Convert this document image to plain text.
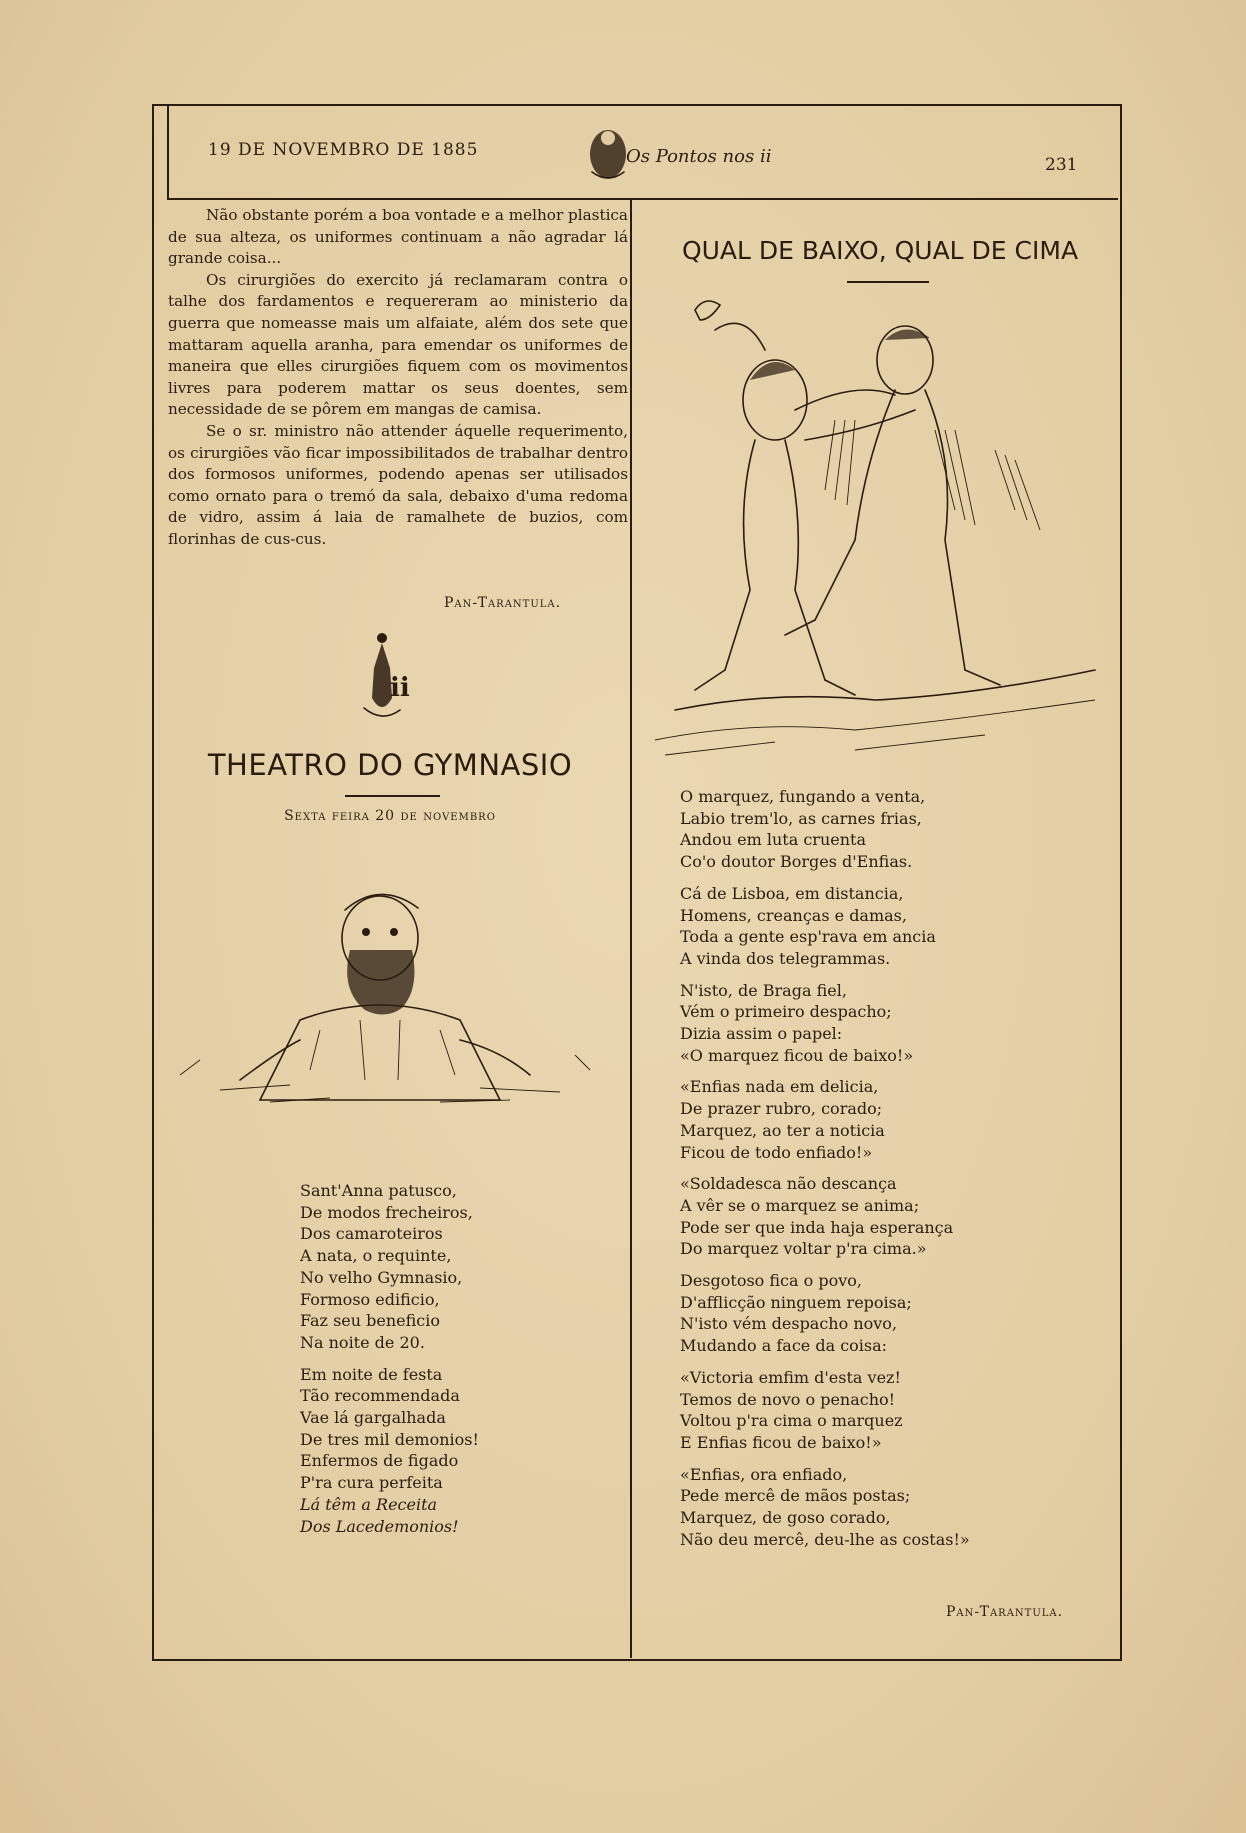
19 DE NOVEMBRO DE 1885	Os Pontos nos ii	231

Não obstante porém a boa vontade e a melhor plastica de sua alteza, os uniformes continuam a não agradar lá grande coisa...

Os cirurgiões do exercito já reclamaram contra o talhe dos fardamentos e requereram ao ministerio da guerra que nomeasse mais um alfaiate, além dos sete que mattaram aquella aranha, para emendar os uniformes de maneira que elles cirurgiões fiquem com os movimentos livres para poderem mattar os seus doentes, sem necessidade de se pôrem em mangas de camisa.

Se o sr. ministro não attender áquelle requerimento, os cirurgiões vão ficar impossibilitados de trabalhar dentro dos formosos uniformes, podendo apenas ser utilisados como ornato para o tremó da sala, debaixo d'uma redoma de vidro, assim á laia de ramalhete de buzios, com florinhas de cus-cus.

Pan-Tarantula.
ii
THEATRO DO GYMNASIO
Sexta feira 20 de novembro
Sant'Anna patusco,
De modos frecheiros,
Dos camaroteiros
A nata, o requinte,
No velho Gymnasio,
Formoso edificio,
Faz seu beneficio
Na noite de 20.
Em noite de festa
Tão recommendada
Vae lá gargalhada
De tres mil demonios!
Enfermos de figado
P'ra cura perfeita
Lá têm a Receita
Dos Lacedemonios!
QUAL DE BAIXO, QUAL DE CIMA
O marquez, fungando a venta,
Labio trem'lo, as carnes frias,
Andou em luta cruenta
Co'o doutor Borges d'Enfias.
Cá de Lisboa, em distancia,
Homens, creanças e damas,
Toda a gente esp'rava em ancia
A vinda dos telegrammas.
N'isto, de Braga fiel,
Vém o primeiro despacho;
Dizia assim o papel:
«O marquez ficou de baixo!»
«Enfias nada em delicia,
De prazer rubro, corado;
Marquez, ao ter a noticia
Ficou de todo enfiado!»
«Soldadesca não descança
A vêr se o marquez se anima;
Pode ser que inda haja esperança
Do marquez voltar p'ra cima.»
Desgotoso fica o povo,
D'afflicção ninguem repoisa;
N'isto vém despacho novo,
Mudando a face da coisa:
«Victoria emfim d'esta vez!
Temos de novo o penacho!
Voltou p'ra cima o marquez
E Enfias ficou de baixo!»
«Enfias, ora enfiado,
Pede mercê de mãos postas;
Marquez, de goso corado,
Não deu mercê, deu-lhe as costas!»
Pan-Tarantula.
